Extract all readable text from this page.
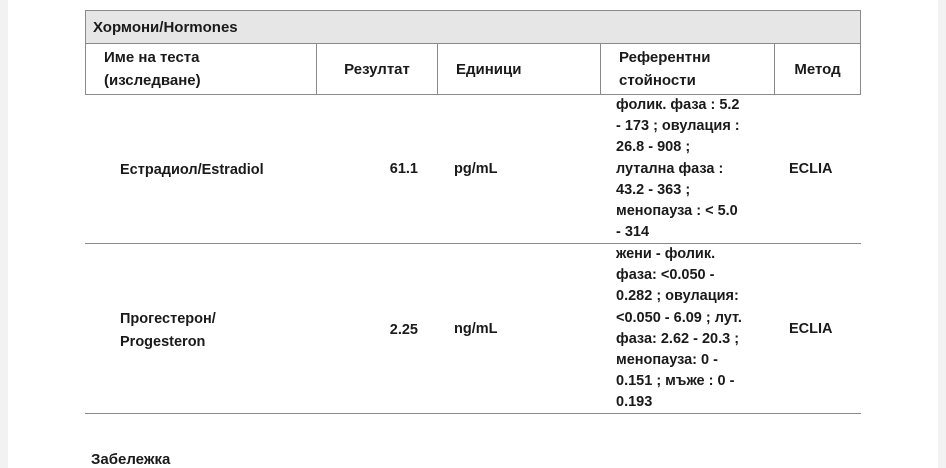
Хормони/Hormones
Име на теста
(изследване)
Резултат	Единици
Референтни
стойности
Метод
Естрадиол/Estradiol	61.1 pg/mL
фолик. фаза : 5.2
- 173 ; овулация :
26.8 - 908 ;
лутална фаза :
43.2 - 363 ;
менопауза : < 5.0
- 314
ECLIA
Прогестерон/
Progesteron
2.25 ng/mL
жени - фолик.
фаза: <0.050 -
0.282 ; овулация:
<0.050 - 6.09 ; лут.
фаза: 2.62 - 20.3 ;
менопауза: 0 -
0.151 ; мъже : 0 -
0.193
ECLIA
Забележка
